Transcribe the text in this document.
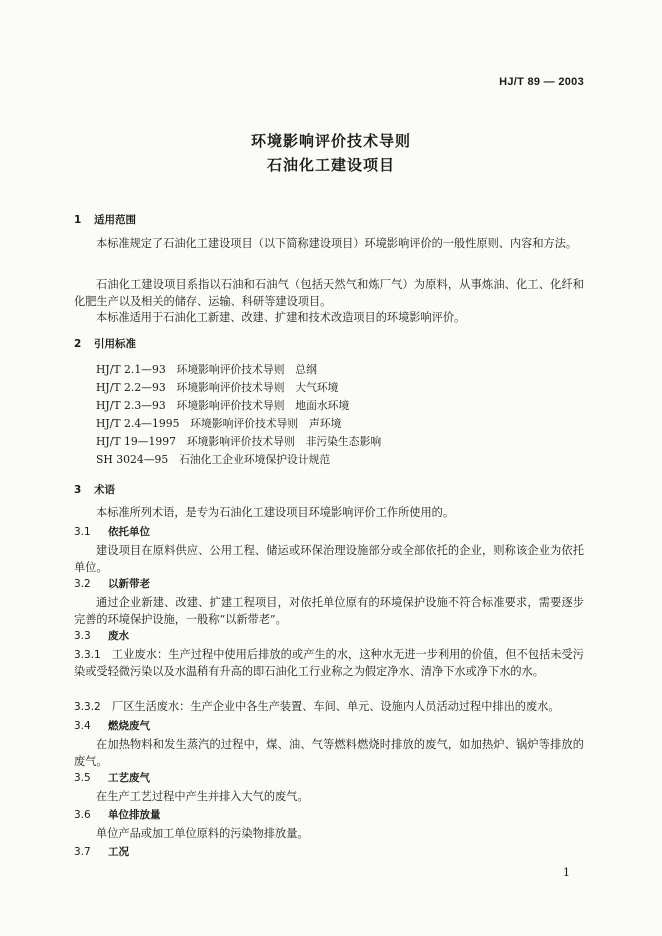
HJ/T 89 — 2003
环境影响评价技术导则
石油化工建设项目
1 适用范围
本标准规定了石油化工建设项目（以下简称建设项目）环境影响评价的一般性原则、内容和方法。
石油化工建设项目系指以石油和石油气（包括天然气和炼厂气）为原料，从事炼油、化工、化纤和化肥生产以及相关的储存、运输、科研等建设项目。
本标准适用于石油化工新建、改建、扩建和技术改造项目的环境影响评价。
2 引用标准
HJ/T 2.1—93　 环境影响评价技术导则　总纲
HJ/T 2.2—93　 环境影响评价技术导则　大气环境
HJ/T 2.3—93　 环境影响评价技术导则　地面水环境
HJ/T 2.4—1995　 环境影响评价技术导则　声环境
HJ/T 19—1997　 环境影响评价技术导则　非污染生态影响
SH 3024—95　 石油化工企业环境保护设计规范
3 术语
本标准所列术语，是专为石油化工建设项目环境影响评价工作所使用的。
3.1 依托单位
建设项目在原料供应、公用工程、储运或环保治理设施部分或全部依托的企业，则称该企业为依托单位。
3.2 以新带老
通过企业新建、改建、扩建工程项目，对依托单位原有的环境保护设施不符合标准要求，需要逐步完善的环境保护设施，一般称“以新带老”。
3.3 废水
3.3.1 工业废水：生产过程中使用后排放的或产生的水，这种水无进一步利用的价值，但不包括未受污染或受轻微污染以及水温稍有升高的即石油化工行业称之为假定净水、清净下水或净下水的水。
3.3.2 厂区生活废水：生产企业中各生产装置、车间、单元、设施内人员活动过程中排出的废水。
3.4 燃烧废气
在加热物料和发生蒸汽的过程中，煤、油、气等燃料燃烧时排放的废气，如加热炉、锅炉等排放的废气。
3.5 工艺废气
在生产工艺过程中产生并排入大气的废气。
3.6 单位排放量
单位产品或加工单位原料的污染物排放量。
3.7 工况
1
